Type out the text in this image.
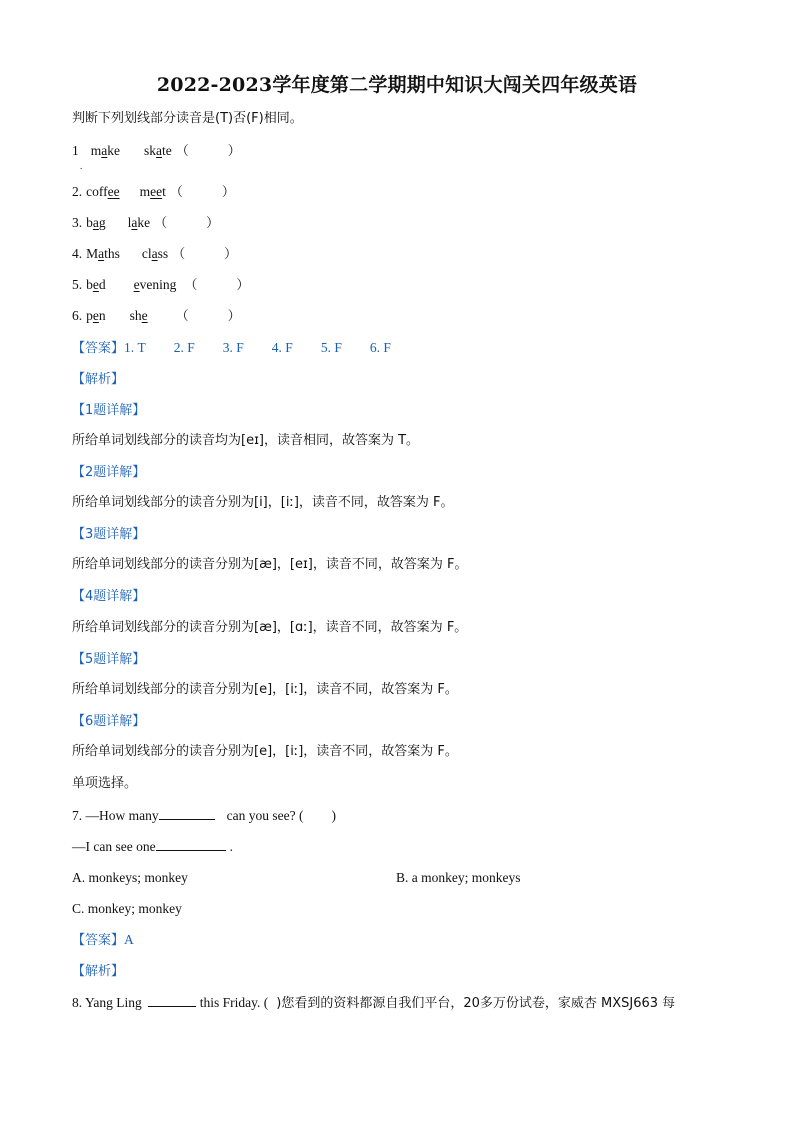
2022-2023学年度第二学期期中知识大闯关四年级英语
判断下列划线部分读音是(T)否(F)相同。
1 make skate （　　　）
.
2. coffee meet （　　　）
3. bag lake （　　　）
4. Maths class （　　　）
5. bed evening （　　　）
6. pen she （　　　）
【答案】1. T 2. F 3. F 4. F 5. F 6. F
【解析】
【1题详解】
所给单词划线部分的读音均为[eɪ]，读音相同，故答案为 T。
【2题详解】
所给单词划线部分的读音分别为[i]，[iː]，读音不同，故答案为 F。
【3题详解】
所给单词划线部分的读音分别为[æ]，[eɪ]，读音不同，故答案为 F。
【4题详解】
所给单词划线部分的读音分别为[æ]，[ɑː]，读音不同，故答案为 F。
【5题详解】
所给单词划线部分的读音分别为[e]，[iː]，读音不同，故答案为 F。
【6题详解】
所给单词划线部分的读音分别为[e]，[iː]，读音不同，故答案为 F。
单项选择。
7. —How many	can you see? ( )
—I can see one	.
A. monkeys; monkey	B. a monkey; monkeys
C. monkey; monkey
【答案】A
【解析】
8. Yang Ling	this Friday. ( )您看到的资料都源自我们平台，20多万份试卷，家威杏 MXSJ663 每
